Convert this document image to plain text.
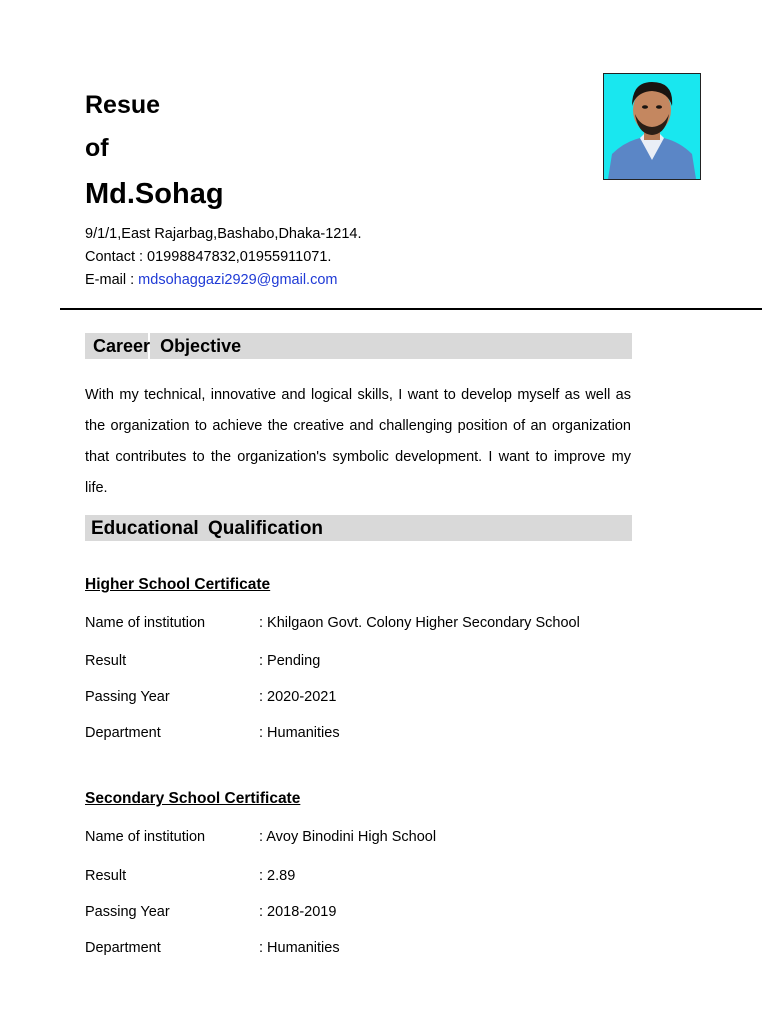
Resue
of
Md.Sohag

9/1/1,East Rajarbag,Bashabo,Dhaka-1214.

Contact : 01998847832,01955911071.

E-mail : mdsohaggazi2929@gmail.com

Career Objective

With my technical, innovative and logical skills, I want to develop myself as well as the organization to achieve the creative and challenging position of an organization that contributes to the organization's symbolic development. I want to improve my life.

Educational Qualification
Higher School Certificate
Name of institution	: Khilgaon Govt. Colony Higher Secondary School
Result	: Pending
Passing Year	: 2020-2021
Department	: Humanities
Secondary School Certificate
Name of institution	: Avoy Binodini High School
Result	: 2.89
Passing Year	: 2018-2019
Department	: Humanities
